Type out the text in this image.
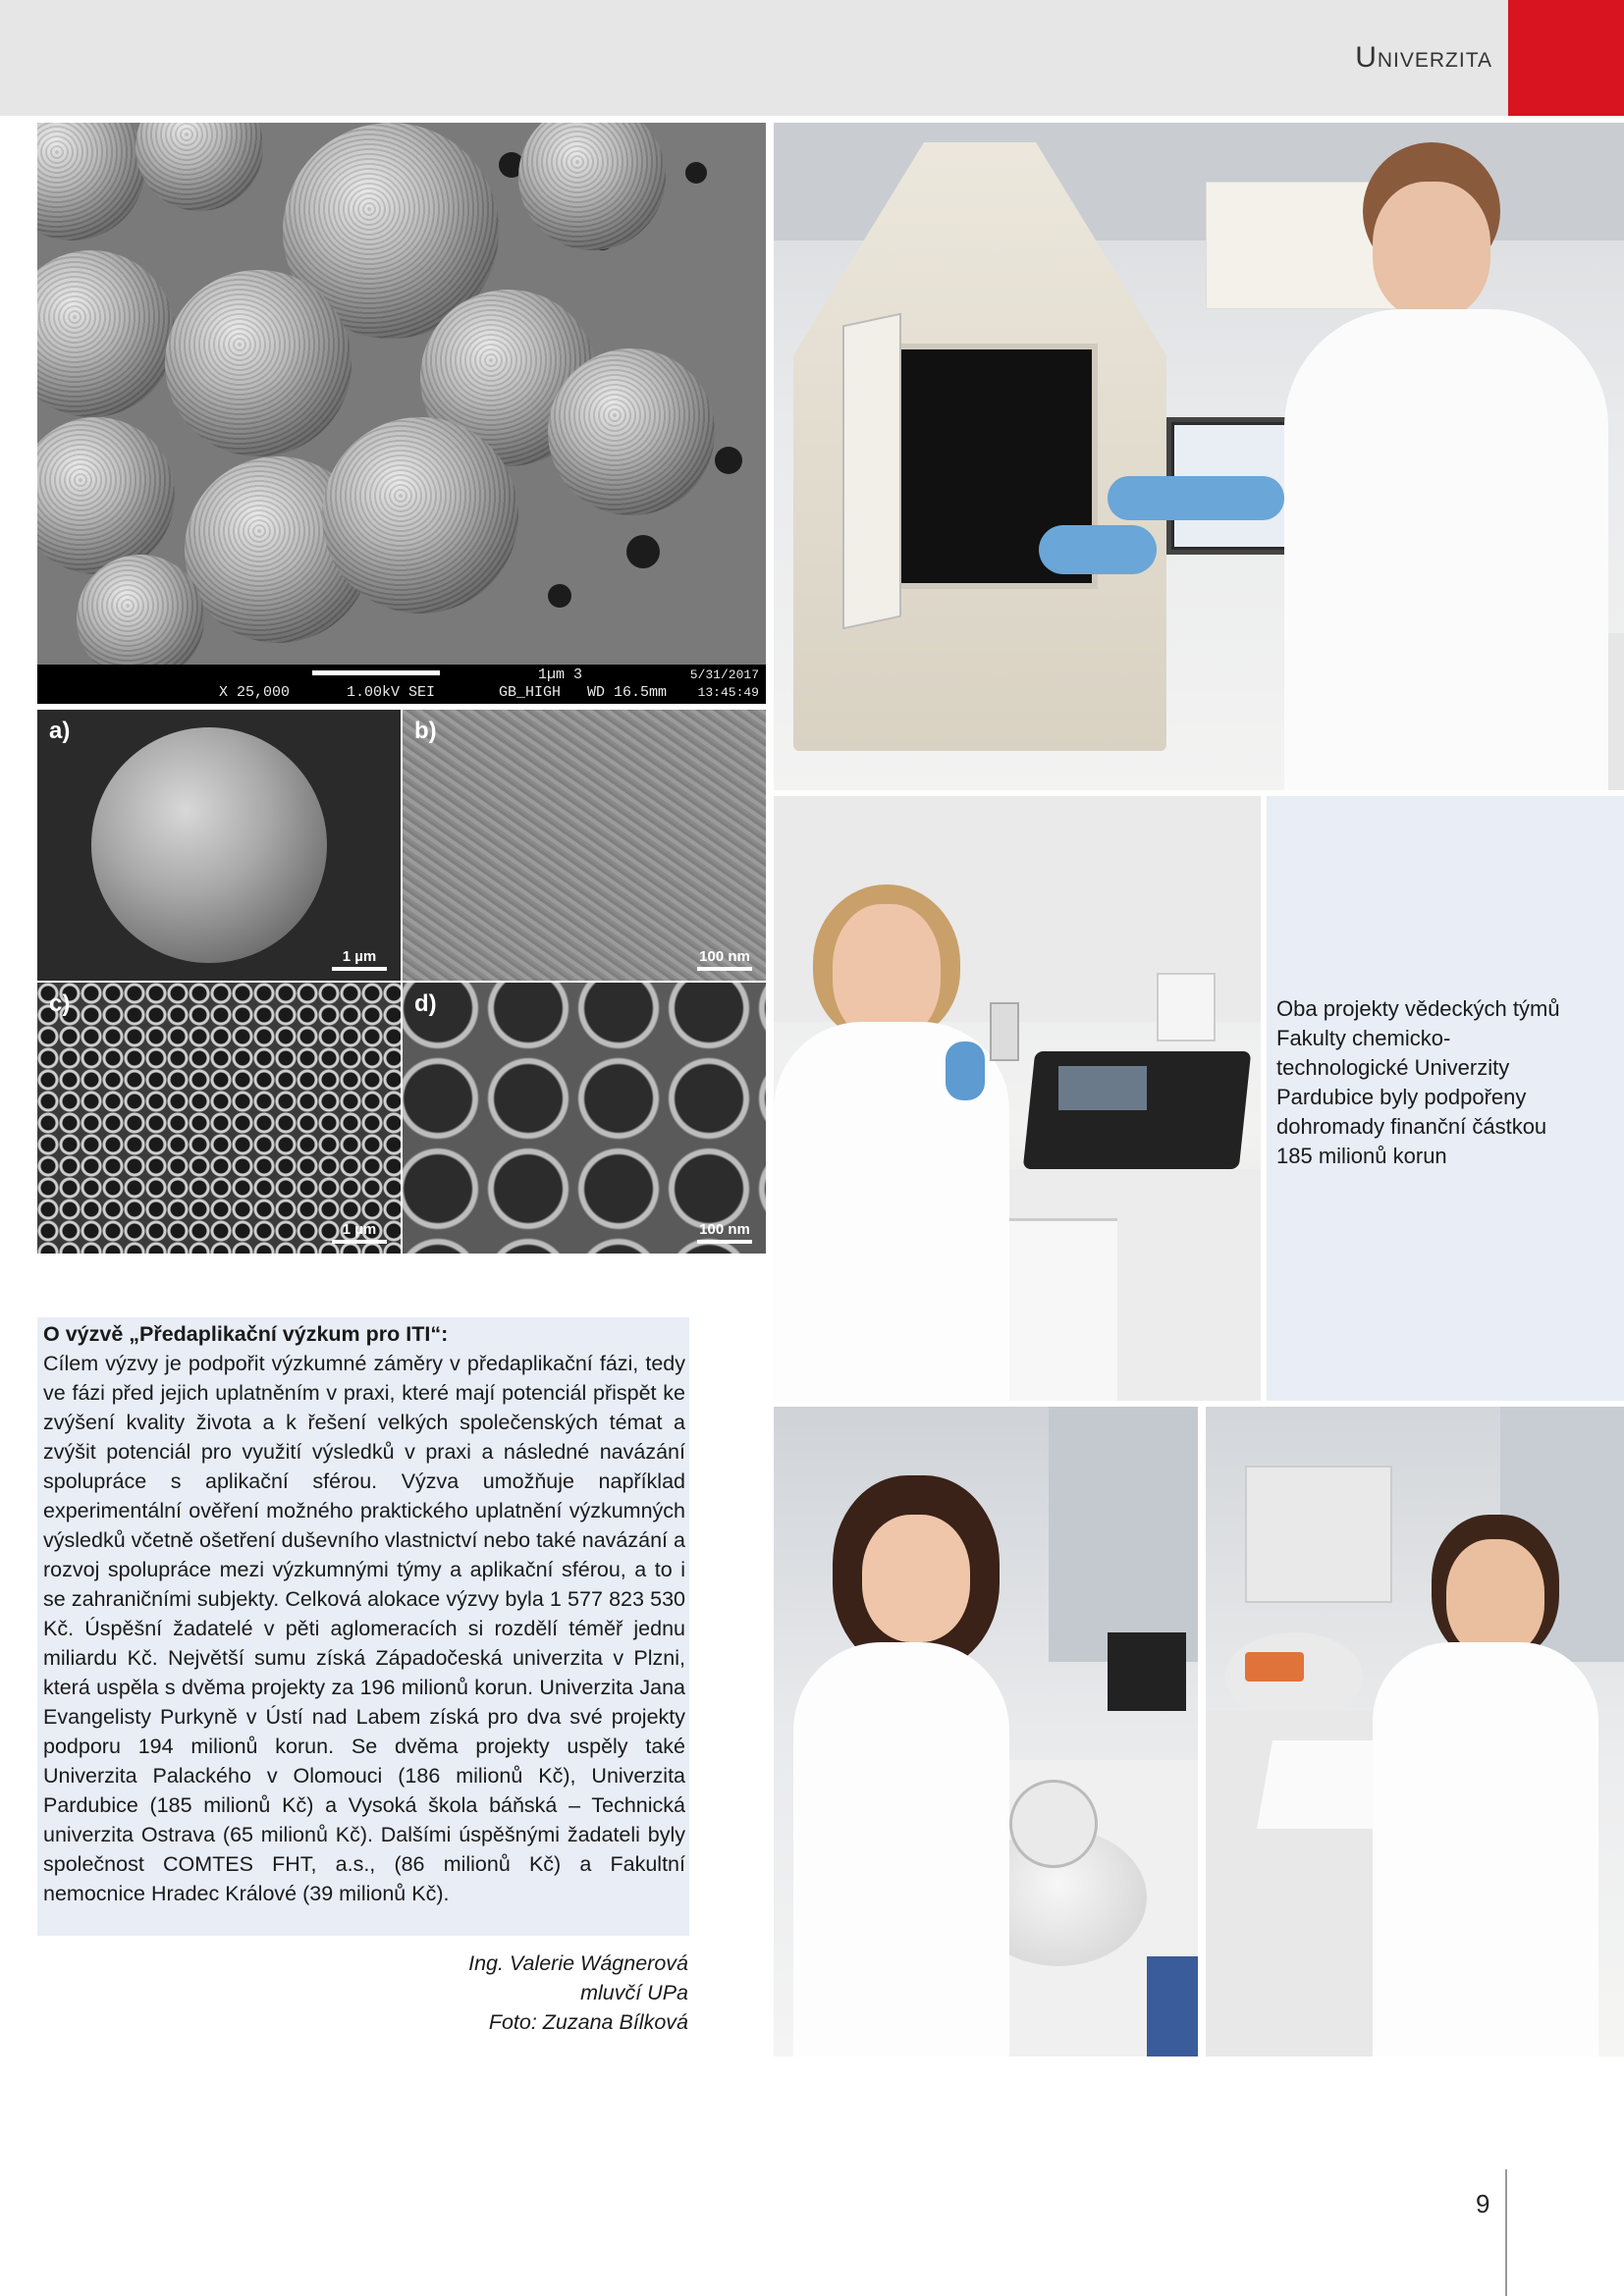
Univerzita
1µm 3
X 25,000	1.00kV SEI	GB_HIGH WD 16.5mm
5/31/2017 13:45:49
a)
1 µm
b)
100 nm
c)
1 µm
d)
100 nm

Oba projekty vědeckých týmů Fakulty chemicko-technologické Univerzity Pardubice byly podpořeny dohromady finanční částkou 185 milionů korun

O výzvě „Předaplikační výzkum pro ITI“:

Cílem výzvy je podpořit výzkumné záměry v předaplikační fázi, tedy ve fázi před jejich uplatněním v praxi, které mají potenciál přispět ke zvýšení kvality života a k řešení velkých společenských témat a zvýšit potenciál pro využití výsledků v praxi a následné navázání spolupráce s aplikační sférou. Výzva umožňuje například experimentální ověření možného praktického uplatnění výzkumných výsledků včetně ošetření duševního vlastnictví nebo také navázání a rozvoj spolupráce mezi výzkumnými týmy a aplikační sférou, a to i se zahraničními subjekty. Celková alokace výzvy byla 1 577 823 530 Kč. Úspěšní žadatelé v pěti aglomeracích si rozdělí téměř jednu miliardu Kč. Největší sumu získá Západočeská univerzita v Plzni, která uspěla s dvěma projekty za 196 milionů korun. Univerzita Jana Evangelisty Purkyně v Ústí nad Labem získá pro dva své projekty podporu 194 milionů korun. Se dvěma projekty uspěly také Univerzita Palackého v Olomouci (186 milionů Kč), Univerzita Pardubice (185 milionů Kč) a Vysoká škola báňská – Technická univerzita Ostrava (65 milionů Kč). Dalšími úspěšnými žadateli byly společnost COMTES FHT, a.s., (86 milionů Kč) a Fakultní nemocnice Hradec Králové (39 milionů Kč).

Ing. Valerie Wágnerová
mluvčí UPa
Foto: Zuzana Bílková
9
